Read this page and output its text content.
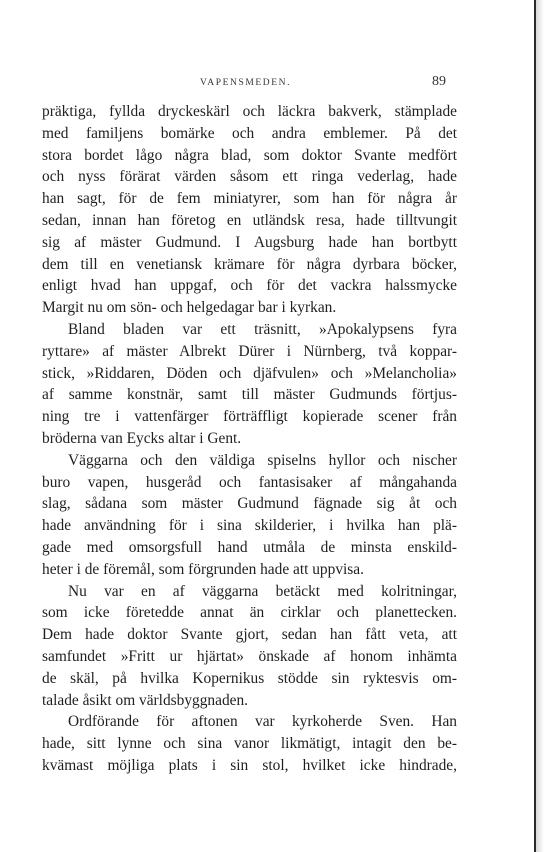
VAPENSMEDEN.	89
präktiga, fyllda dryckeskärl och läckra bakverk, stämplade
med familjens bomärke och andra emblemer. På det
stora bordet lågo några blad, som doktor Svante medfört
och nyss förärat värden såsom ett ringa vederlag, hade
han sagt, för de fem miniatyrer, som han för några år
sedan, innan han företog en utländsk resa, hade tilltvungit
sig af mäster Gudmund. I Augsburg hade han bortbytt
dem till en venetiansk krämare för några dyrbara böcker,
enligt hvad han uppgaf, och för det vackra halssmycke
Margit nu om sön- och helgedagar bar i kyrkan.
Bland bladen var ett träsnitt, »Apokalypsens fyra
ryttare» af mäster Albrekt Dürer i Nürnberg, två koppar-
stick, »Riddaren, Döden och djäfvulen» och »Melancholia»
af samme konstnär, samt till mäster Gudmunds förtjus-
ning tre i vattenfärger förträffligt kopierade scener från
bröderna van Eycks altar i Gent.
Väggarna och den väldiga spiselns hyllor och nischer
buro vapen, husgeråd och fantasisaker af mångahanda
slag, sådana som mäster Gudmund fägnade sig åt och
hade användning för i sina skilderier, i hvilka han plä-
gade med omsorgsfull hand utmåla de minsta enskild-
heter i de föremål, som förgrunden hade att uppvisa.
Nu var en af väggarna betäckt med kolritningar,
som icke företedde annat än cirklar och planettecken.
Dem hade doktor Svante gjort, sedan han fått veta, att
samfundet »Fritt ur hjärtat» önskade af honom inhämta
de skäl, på hvilka Kopernikus stödde sin ryktesvis om-
talade åsikt om världsbyggnaden.
Ordförande för aftonen var kyrkoherde Sven. Han
hade, sitt lynne och sina vanor likmätigt, intagit den be-
kvämast möjliga plats i sin stol, hvilket icke hindrade,
